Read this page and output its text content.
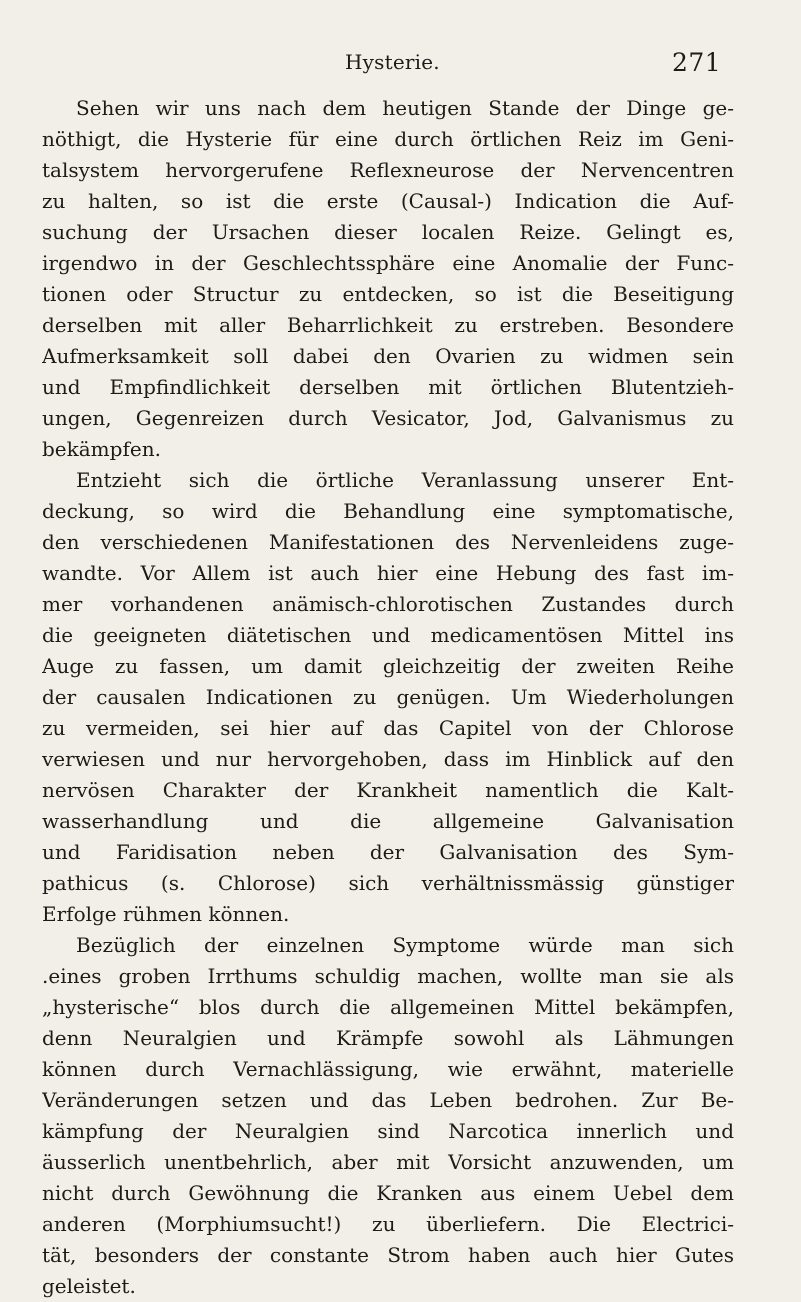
Hysterie.	271
Sehen wir uns nach dem heutigen Stande der Dinge ge-
nöthigt, die Hysterie für eine durch örtlichen Reiz im Geni-
talsystem hervorgerufene Reflexneurose der Nervencentren
zu halten, so ist die erste (Causal-) Indication die Auf-
suchung der Ursachen dieser localen Reize. Gelingt es,
irgendwo in der Geschlechtssphäre eine Anomalie der Func-
tionen oder Structur zu entdecken, so ist die Beseitigung
derselben mit aller Beharrlichkeit zu erstreben. Besondere
Aufmerksamkeit soll dabei den Ovarien zu widmen sein
und Empfindlichkeit derselben mit örtlichen Blutentzieh-
ungen, Gegenreizen durch Vesicator, Jod, Galvanismus zu
bekämpfen.
Entzieht sich die örtliche Veranlassung unserer Ent-
deckung, so wird die Behandlung eine symptomatische,
den verschiedenen Manifestationen des Nervenleidens zuge-
wandte. Vor Allem ist auch hier eine Hebung des fast im-
mer vorhandenen anämisch-chlorotischen Zustandes durch
die geeigneten diätetischen und medicamentösen Mittel ins
Auge zu fassen, um damit gleichzeitig der zweiten Reihe
der causalen Indicationen zu genügen. Um Wiederholungen
zu vermeiden, sei hier auf das Capitel von der Chlorose
verwiesen und nur hervorgehoben, dass im Hinblick auf den
nervösen Charakter der Krankheit namentlich die Kalt-
wasserhandlung und die allgemeine Galvanisation
und Faridisation neben der Galvanisation des Sym-
pathicus (s. Chlorose) sich verhältnissmässig günstiger
Erfolge rühmen können.
Bezüglich der einzelnen Symptome würde man sich
.eines groben Irrthums schuldig machen, wollte man sie als
„hysterische“ blos durch die allgemeinen Mittel bekämpfen,
denn Neuralgien und Krämpfe sowohl als Lähmungen
können durch Vernachlässigung, wie erwähnt, materielle
Veränderungen setzen und das Leben bedrohen. Zur Be-
kämpfung der Neuralgien sind Narcotica innerlich und
äusserlich unentbehrlich, aber mit Vorsicht anzuwenden, um
nicht durch Gewöhnung die Kranken aus einem Uebel dem
anderen (Morphiumsucht!) zu überliefern. Die Electrici-
tät, besonders der constante Strom haben auch hier Gutes
geleistet.
